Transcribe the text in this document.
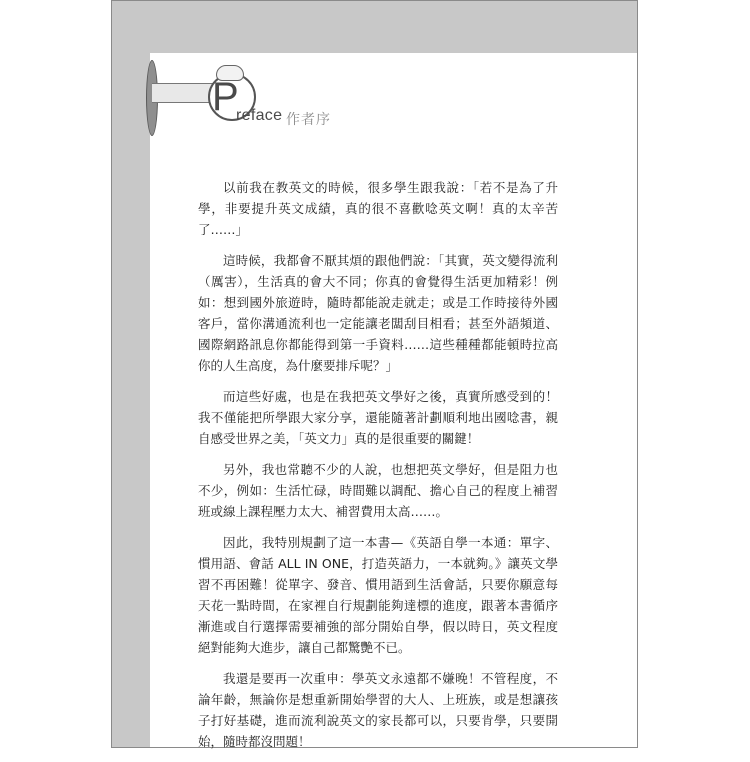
P
reface 作者序

以前我在教英文的時候，很多學生跟我說：「若不是為了升學，非要提升英文成績，真的很不喜歡唸英文啊！真的太辛苦了……」

這時候，我都會不厭其煩的跟他們說：「其實，英文變得流利（厲害），生活真的會大不同；你真的會覺得生活更加精彩！例如：想到國外旅遊時，隨時都能說走就走；或是工作時接待外國客戶，當你溝通流利也一定能讓老闆刮目相看；甚至外語頻道、國際網路訊息你都能得到第一手資料……這些種種都能頓時拉高你的人生高度，為什麼要排斥呢？」

而這些好處，也是在我把英文學好之後，真實所感受到的！我不僅能把所學跟大家分享，還能隨著計劃順利地出國唸書，親自感受世界之美，「英文力」真的是很重要的關鍵！

另外，我也常聽不少的人說，也想把英文學好，但是阻力也不少，例如：生活忙碌，時間難以調配、擔心自己的程度上補習班或線上課程壓力太大、補習費用太高……。

因此，我特別規劃了這一本書—《英語自學一本通：單字、慣用語、會話 ALL IN ONE，打造英語力，一本就夠。》讓英文學習不再困難！從單字、發音、慣用語到生活會話，只要你願意每天花一點時間，在家裡自行規劃能夠達標的進度，跟著本書循序漸進或自行選擇需要補強的部分開始自學，假以時日，英文程度絕對能夠大進步，讓自己都驚艷不已。

我還是要再一次重申：學英文永遠都不嫌晚！不管程度，不論年齡，無論你是想重新開始學習的大人、上班族，或是想讓孩子打好基礎，進而流利說英文的家長都可以，只要肯學，只要開始，隨時都沒問題！
